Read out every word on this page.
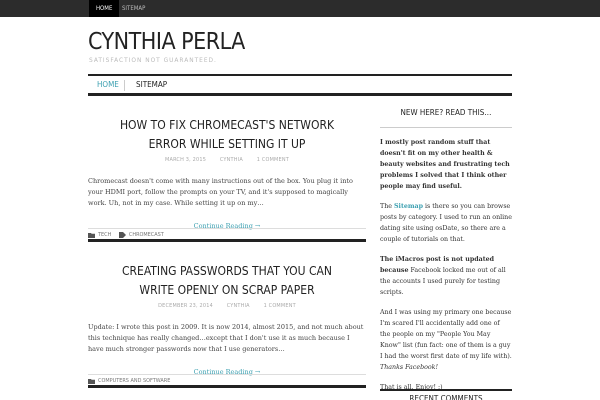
HOME	SITEMAP
CYNTHIA PERLA
SATISFACTION NOT GUARANTEED.
HOME SITEMAP
HOW TO FIX CHROMECAST'S NETWORK ERROR WHILE SETTING IT UP
MARCH 3, 2015	CYNTHIA	1 COMMENT

Chromecast doesn't come with many instructions out of the box. You plug it into your HDMI port, follow the prompts on your TV, and it's supposed to magically work. Uh, not in my case. While setting it up on my…

Continue Reading →
TECH	CHROMECAST
CREATING PASSWORDS THAT YOU CAN WRITE OPENLY ON SCRAP PAPER
DECEMBER 23, 2014	CYNTHIA	1 COMMENT

Update: I wrote this post in 2009. It is now 2014, almost 2015, and not much about this technique has really changed…except that I don't use it as much because I have much stronger passwords now that I use generators…

Continue Reading →
COMPUTERS AND SOFTWARE
NEW HERE? READ THIS…

I mostly post random stuff that doesn't fit on my other health & beauty websites and frustrating tech problems I solved that I think other people may find useful.

The Sitemap is there so you can browse posts by category. I used to run an online dating site using osDate, so there are a couple of tutorials on that.

The iMacros post is not updated because Facebook locked me out of all the accounts I used purely for testing scripts.

And I was using my primary one because I'm scared I'll accidentally add one of the people on my "People You May Know" list (fun fact: one of them is a guy I had the worst first date of my life with). Thanks Facebook!

That is all. Enjoy! :)

RECENT COMMENTS
